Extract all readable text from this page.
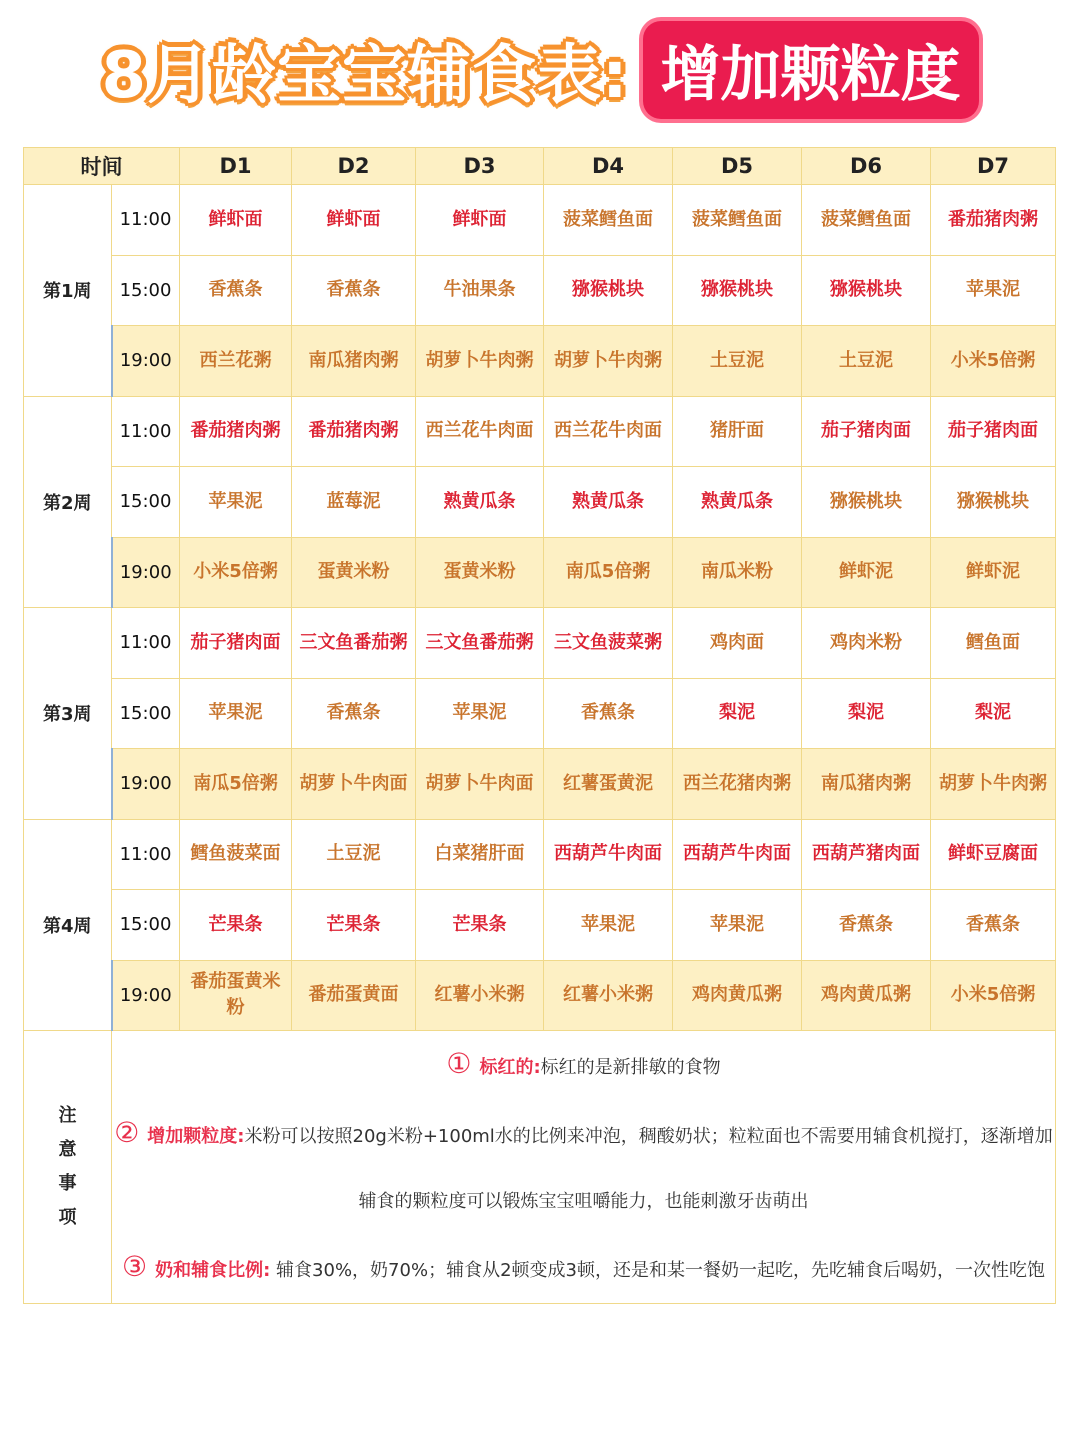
8月龄宝宝辅食表: 增加颗粒度
时间		D1	D2	D3	D4	D5	D6	D7
第1周	11:00	鲜虾面	鲜虾面	鲜虾面	菠菜鳕鱼面	菠菜鳕鱼面	菠菜鳕鱼面	番茄猪肉粥
	15:00	香蕉条	香蕉条	牛油果条	猕猴桃块	猕猴桃块	猕猴桃块	苹果泥
	19:00	西兰花粥	南瓜猪肉粥	胡萝卜牛肉粥	胡萝卜牛肉粥	土豆泥	土豆泥	小米5倍粥
第2周	11:00	番茄猪肉粥	番茄猪肉粥	西兰花牛肉面	西兰花牛肉面	猪肝面	茄子猪肉面	茄子猪肉面
	15:00	苹果泥	蓝莓泥	熟黄瓜条	熟黄瓜条	熟黄瓜条	猕猴桃块	猕猴桃块
	19:00	小米5倍粥	蛋黄米粉	蛋黄米粉	南瓜5倍粥	南瓜米粉	鲜虾泥	鲜虾泥
第3周	11:00	茄子猪肉面	三文鱼番茄粥	三文鱼番茄粥	三文鱼菠菜粥	鸡肉面	鸡肉米粉	鳕鱼面
	15:00	苹果泥	香蕉条	苹果泥	香蕉条	梨泥	梨泥	梨泥
	19:00	南瓜5倍粥	胡萝卜牛肉面	胡萝卜牛肉面	红薯蛋黄泥	西兰花猪肉粥	南瓜猪肉粥	胡萝卜牛肉粥
第4周	11:00	鳕鱼菠菜面	土豆泥	白菜猪肝面	西葫芦牛肉面	西葫芦牛肉面	西葫芦猪肉面	鲜虾豆腐面
	15:00	芒果条	芒果条	芒果条	苹果泥	苹果泥	香蕉条	香蕉条
	19:00	番茄蛋黄米粉	番茄蛋黄面	红薯小米粥	红薯小米粥	鸡肉黄瓜粥	鸡肉黄瓜粥	小米5倍粥
注意事项	① 标红的:标红的是新排敏的食物
② 增加颗粒度:米粉可以按照20g米粉+100ml水的比例来冲泡，稠酸奶状；粒粒面也不需要用辅食机搅打，逐渐增加辅食的颗粒度可以锻炼宝宝咀嚼能力，也能刺激牙齿萌出
③ 奶和辅食比例: 辅食30%，奶70%；辅食从2顿变成3顿，还是和某一餐奶一起吃，先吃辅食后喝奶，一次性吃饱							
